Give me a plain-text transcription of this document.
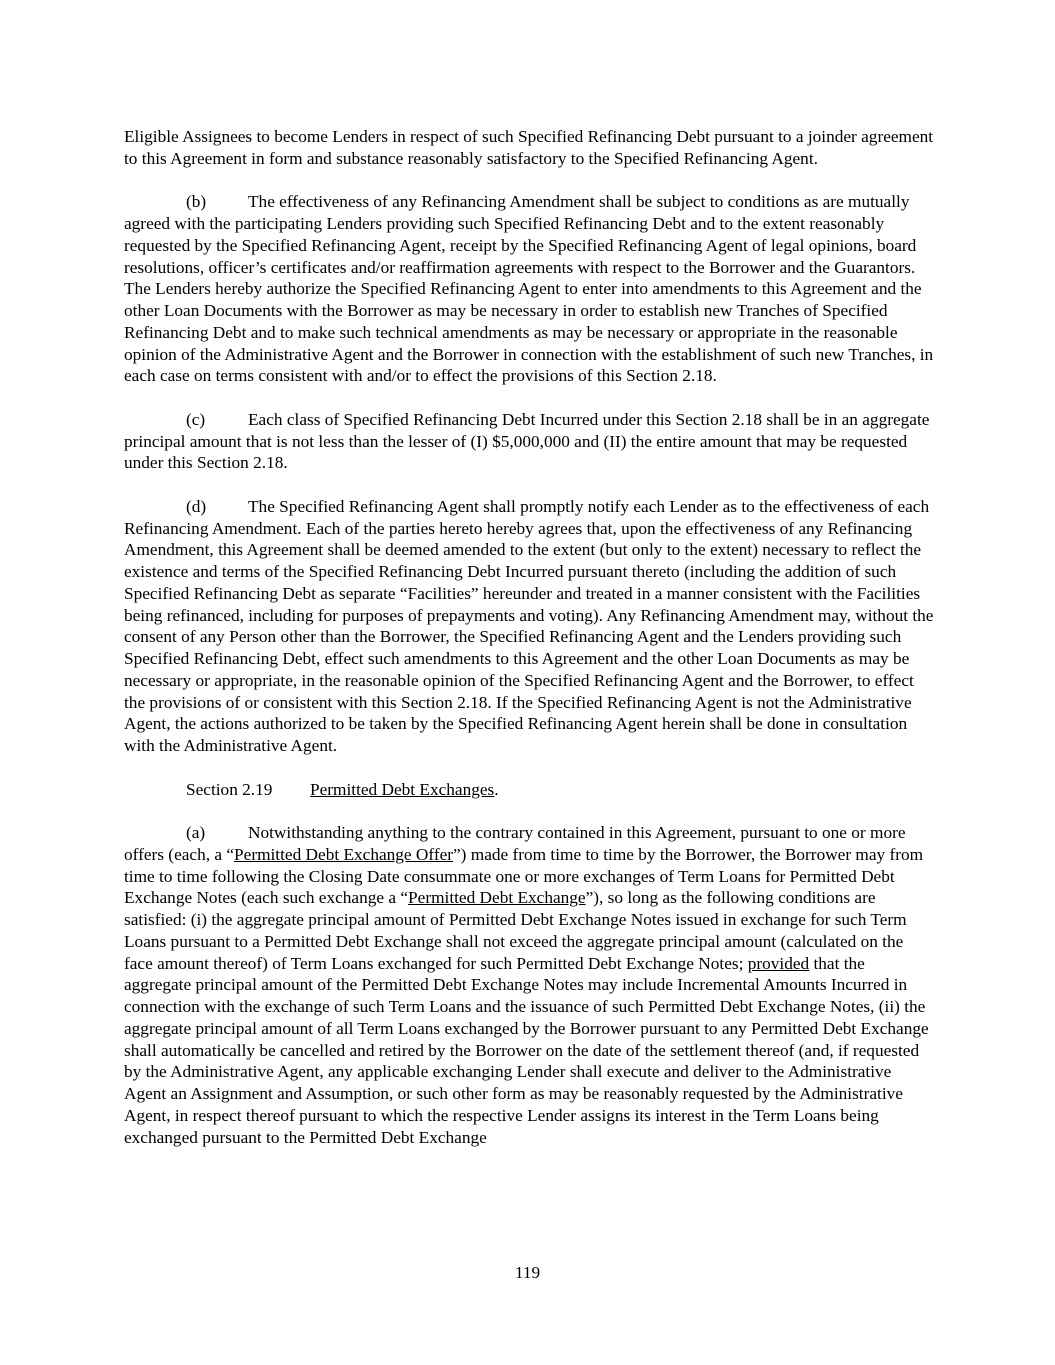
Eligible Assignees to become Lenders in respect of such Specified Refinancing Debt pursuant to a joinder agreement to this Agreement in form and substance reasonably satisfactory to the Specified Refinancing Agent.

(b) The effectiveness of any Refinancing Amendment shall be subject to conditions as are mutually agreed with the participating Lenders providing such Specified Refinancing Debt and to the extent reasonably requested by the Specified Refinancing Agent, receipt by the Specified Refinancing Agent of legal opinions, board resolutions, officer’s certificates and/or reaffirmation agreements with respect to the Borrower and the Guarantors. The Lenders hereby authorize the Specified Refinancing Agent to enter into amendments to this Agreement and the other Loan Documents with the Borrower as may be necessary in order to establish new Tranches of Specified Refinancing Debt and to make such technical amendments as may be necessary or appropriate in the reasonable opinion of the Administrative Agent and the Borrower in connection with the establishment of such new Tranches, in each case on terms consistent with and/or to effect the provisions of this Section 2.18.

(c) Each class of Specified Refinancing Debt Incurred under this Section 2.18 shall be in an aggregate principal amount that is not less than the lesser of (I) $5,000,000 and (II) the entire amount that may be requested under this Section 2.18.

(d) The Specified Refinancing Agent shall promptly notify each Lender as to the effectiveness of each Refinancing Amendment. Each of the parties hereto hereby agrees that, upon the effectiveness of any Refinancing Amendment, this Agreement shall be deemed amended to the extent (but only to the extent) necessary to reflect the existence and terms of the Specified Refinancing Debt Incurred pursuant thereto (including the addition of such Specified Refinancing Debt as separate “Facilities” hereunder and treated in a manner consistent with the Facilities being refinanced, including for purposes of prepayments and voting). Any Refinancing Amendment may, without the consent of any Person other than the Borrower, the Specified Refinancing Agent and the Lenders providing such Specified Refinancing Debt, effect such amendments to this Agreement and the other Loan Documents as may be necessary or appropriate, in the reasonable opinion of the Specified Refinancing Agent and the Borrower, to effect the provisions of or consistent with this Section 2.18. If the Specified Refinancing Agent is not the Administrative Agent, the actions authorized to be taken by the Specified Refinancing Agent herein shall be done in consultation with the Administrative Agent.

Section 2.19 Permitted Debt Exchanges.

(a) Notwithstanding anything to the contrary contained in this Agreement, pursuant to one or more offers (each, a “Permitted Debt Exchange Offer”) made from time to time by the Borrower, the Borrower may from time to time following the Closing Date consummate one or more exchanges of Term Loans for Permitted Debt Exchange Notes (each such exchange a “Permitted Debt Exchange”), so long as the following conditions are satisfied: (i) the aggregate principal amount of Permitted Debt Exchange Notes issued in exchange for such Term Loans pursuant to a Permitted Debt Exchange shall not exceed the aggregate principal amount (calculated on the face amount thereof) of Term Loans exchanged for such Permitted Debt Exchange Notes; provided that the aggregate principal amount of the Permitted Debt Exchange Notes may include Incremental Amounts Incurred in connection with the exchange of such Term Loans and the issuance of such Permitted Debt Exchange Notes, (ii) the aggregate principal amount of all Term Loans exchanged by the Borrower pursuant to any Permitted Debt Exchange shall automatically be cancelled and retired by the Borrower on the date of the settlement thereof (and, if requested by the Administrative Agent, any applicable exchanging Lender shall execute and deliver to the Administrative Agent an Assignment and Assumption, or such other form as may be reasonably requested by the Administrative Agent, in respect thereof pursuant to which the respective Lender assigns its interest in the Term Loans being exchanged pursuant to the Permitted Debt Exchange

119
